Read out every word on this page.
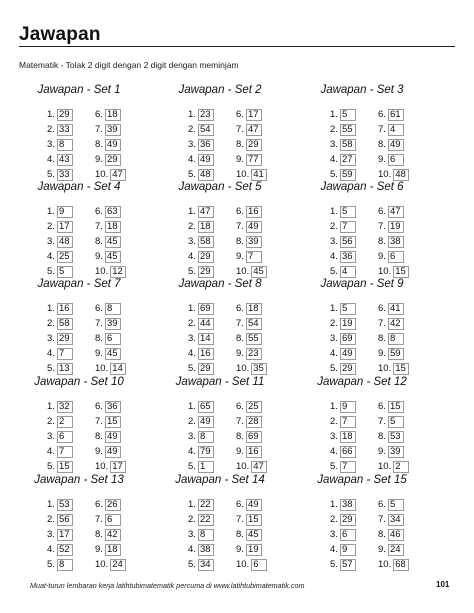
Jawapan
Matematik - Tolak 2 digit dengan 2 digit dengan meminjam
Jawapan - Set 1
1. 29
2. 33
3. 8
4. 43
5. 33
6. 18
7. 39
8. 49
9. 29
10. 47
Jawapan - Set 2
1. 23
2. 54
3. 36
4. 49
5. 48
6. 17
7. 47
8. 29
9. 77
10. 41
Jawapan - Set 3
1. 5
2. 55
3. 58
4. 27
5. 59
6. 61
7. 4
8. 49
9. 6
10. 48
Jawapan - Set 4
1. 9
2. 17
3. 48
4. 25
5. 5
6. 63
7. 18
8. 45
9. 45
10. 12
Jawapan - Set 5
1. 47
2. 18
3. 58
4. 29
5. 29
6. 16
7. 49
8. 39
9. 7
10. 45
Jawapan - Set 6
1. 5
2. 7
3. 56
4. 36
5. 4
6. 47
7. 19
8. 38
9. 6
10. 15
Jawapan - Set 7
1. 16
2. 58
3. 29
4. 7
5. 13
6. 8
7. 39
8. 6
9. 45
10. 14
Jawapan - Set 8
1. 69
2. 44
3. 14
4. 16
5. 29
6. 18
7. 54
8. 55
9. 23
10. 35
Jawapan - Set 9
1. 5
2. 19
3. 69
4. 49
5. 29
6. 41
7. 42
8. 8
9. 59
10. 15
Jawapan - Set 10
1. 32
2. 2
3. 6
4. 7
5. 15
6. 36
7. 15
8. 49
9. 49
10. 17
Jawapan - Set 11
1. 65
2. 49
3. 8
4. 79
5. 1
6. 25
7. 28
8. 69
9. 16
10. 47
Jawapan - Set 12
1. 9
2. 7
3. 18
4. 66
5. 7
6. 15
7. 5
8. 53
9. 39
10. 2
Jawapan - Set 13
1. 53
2. 56
3. 17
4. 52
5. 8
6. 26
7. 6
8. 42
9. 18
10. 24
Jawapan - Set 14
1. 22
2. 22
3. 8
4. 38
5. 34
6. 49
7. 15
8. 45
9. 19
10. 6
Jawapan - Set 15
1. 38
2. 29
3. 6
4. 9
5. 57
6. 5
7. 34
8. 46
9. 24
10. 68
Muat-turun lembaran kerja latihtubimatematik percuma di www.latihtubimatematik.com	101
